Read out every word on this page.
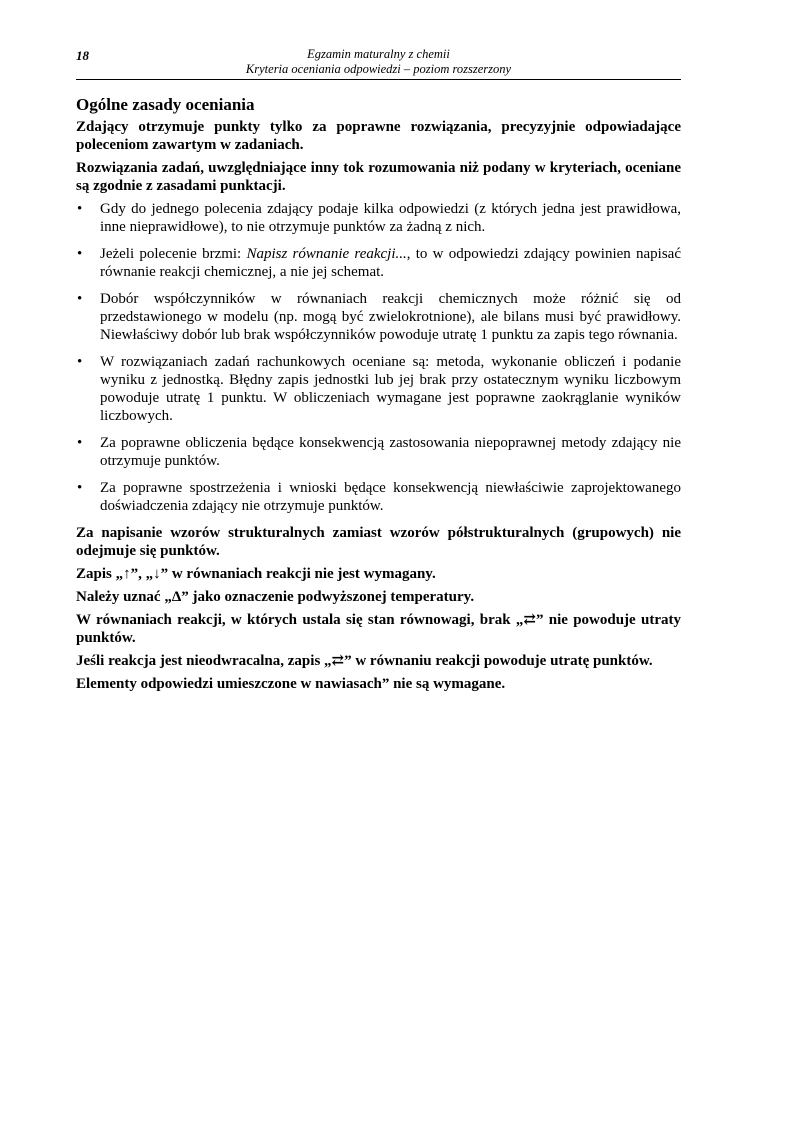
18	Egzamin maturalny z chemii
Kryteria oceniania odpowiedzi – poziom rozszerzony
Ogólne zasady oceniania

Zdający otrzymuje punkty tylko za poprawne rozwiązania, precyzyjnie odpowiadające poleceniom zawartym w zadaniach.

Rozwiązania zadań, uwzględniające inny tok rozumowania niż podany w kryteriach, oceniane są zgodnie z zasadami punktacji.

• Gdy do jednego polecenia zdający podaje kilka odpowiedzi (z których jedna jest prawidłowa, inne nieprawidłowe), to nie otrzymuje punktów za żadną z nich.
• Jeżeli polecenie brzmi: Napisz równanie reakcji..., to w odpowiedzi zdający powinien napisać równanie reakcji chemicznej, a nie jej schemat.
• Dobór współczynników w równaniach reakcji chemicznych może różnić się od przedstawionego w modelu (np. mogą być zwielokrotnione), ale bilans musi być prawidłowy. Niewłaściwy dobór lub brak współczynników powoduje utratę 1 punktu za zapis tego równania.
• W rozwiązaniach zadań rachunkowych oceniane są: metoda, wykonanie obliczeń i podanie wyniku z jednostką. Błędny zapis jednostki lub jej brak przy ostatecznym wyniku liczbowym powoduje utratę 1 punktu. W obliczeniach wymagane jest poprawne zaokrąglanie wyników liczbowych.
• Za poprawne obliczenia będące konsekwencją zastosowania niepoprawnej metody zdający nie otrzymuje punktów.
• Za poprawne spostrzeżenia i wnioski będące konsekwencją niewłaściwie zaprojektowanego doświadczenia zdający nie otrzymuje punktów.

Za napisanie wzorów strukturalnych zamiast wzorów półstrukturalnych (grupowych) nie odejmuje się punktów.

Zapis „↑”, „↓” w równaniach reakcji nie jest wymagany.

Należy uznać „Δ” jako oznaczenie podwyższonej temperatury.

W równaniach reakcji, w których ustala się stan równowagi, brak „⇄” nie powoduje utraty punktów.

Jeśli reakcja jest nieodwracalna, zapis „⇄” w równaniu reakcji powoduje utratę punktów.

Elementy odpowiedzi umieszczone w nawiasach” nie są wymagane.
